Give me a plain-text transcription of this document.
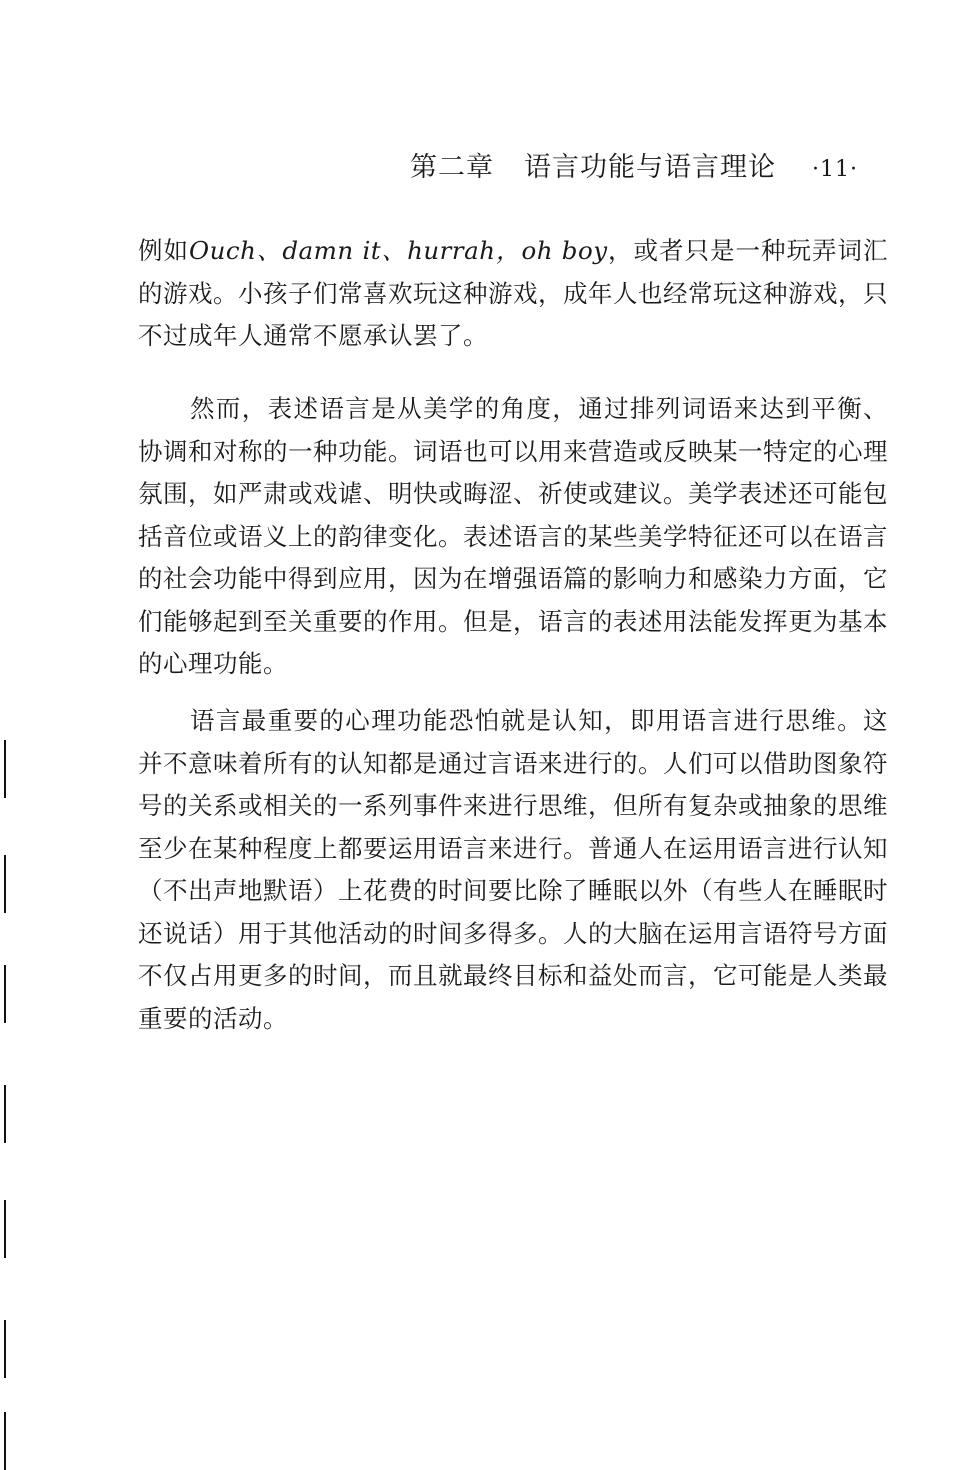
第二章 语言功能与语言理论 ·11·

例如Ouch、damn it、hurrah，oh boy，或者只是一种玩弄词汇的游戏。小孩子们常喜欢玩这种游戏，成年人也经常玩这种游戏，只不过成年人通常不愿承认罢了。

然而，表述语言是从美学的角度，通过排列词语来达到平衡、协调和对称的一种功能。词语也可以用来营造或反映某一特定的心理氛围，如严肃或戏谑、明快或晦涩、祈使或建议。美学表述还可能包括音位或语义上的韵律变化。表述语言的某些美学特征还可以在语言的社会功能中得到应用，因为在增强语篇的影响力和感染力方面，它们能够起到至关重要的作用。但是，语言的表述用法能发挥更为基本的心理功能。

语言最重要的心理功能恐怕就是认知，即用语言进行思维。这并不意味着所有的认知都是通过言语来进行的。人们可以借助图象符号的关系或相关的一系列事件来进行思维，但所有复杂或抽象的思维至少在某种程度上都要运用语言来进行。普通人在运用语言进行认知（不出声地默语）上花费的时间要比除了睡眠以外（有些人在睡眠时还说话）用于其他活动的时间多得多。人的大脑在运用言语符号方面不仅占用更多的时间，而且就最终目标和益处而言，它可能是人类最重要的活动。
